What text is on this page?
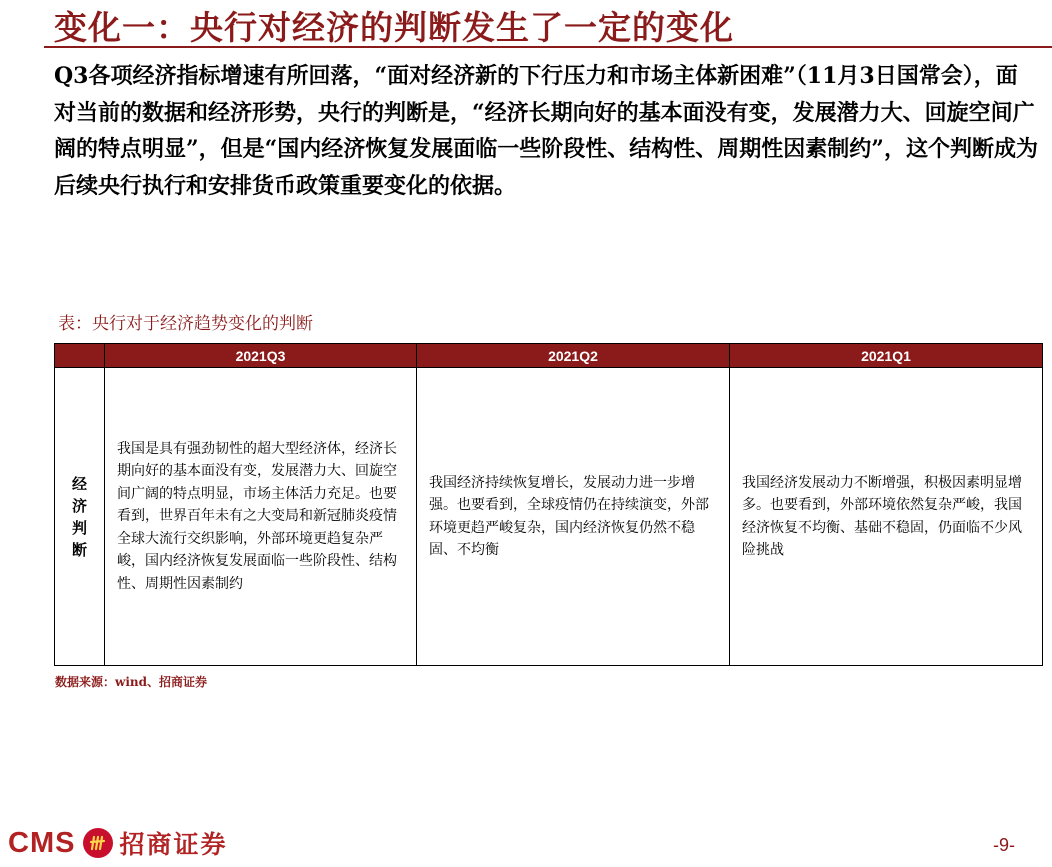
变化一：央行对经济的判断发生了一定的变化
Q3各项经济指标增速有所回落，“面对经济新的下行压力和市场主体新困难”（11月3日国常会），面对当前的数据和经济形势，央行的判断是，“经济长期向好的基本面没有变，发展潜力大、回旋空间广阔的特点明显”，但是“国内经济恢复发展面临一些阶段性、结构性、周期性因素制约”，这个判断成为后续央行执行和安排货币政策重要变化的依据。
表：央行对于经济趋势变化的判断
	2021Q3	2021Q2	2021Q1
经济判断	我国是具有强劲韧性的超大型经济体，经济长期向好的基本面没有变，发展潜力大、回旋空间广阔的特点明显，市场主体活力充足。也要看到，世界百年未有之大变局和新冠肺炎疫情全球大流行交织影响，外部环境更趋复杂严峻，国内经济恢复发展面临一些阶段性、结构性、周期性因素制约	我国经济持续恢复增长，发展动力进一步增强。也要看到，全球疫情仍在持续演变，外部环境更趋严峻复杂，国内经济恢复仍然不稳固、不均衡	我国经济发展动力不断增强，积极因素明显增多。也要看到，外部环境依然复杂严峻，我国经济恢复不均衡、基础不稳固，仍面临不少风险挑战
数据来源：wind、招商证券
CMS 招商证券	-9-
